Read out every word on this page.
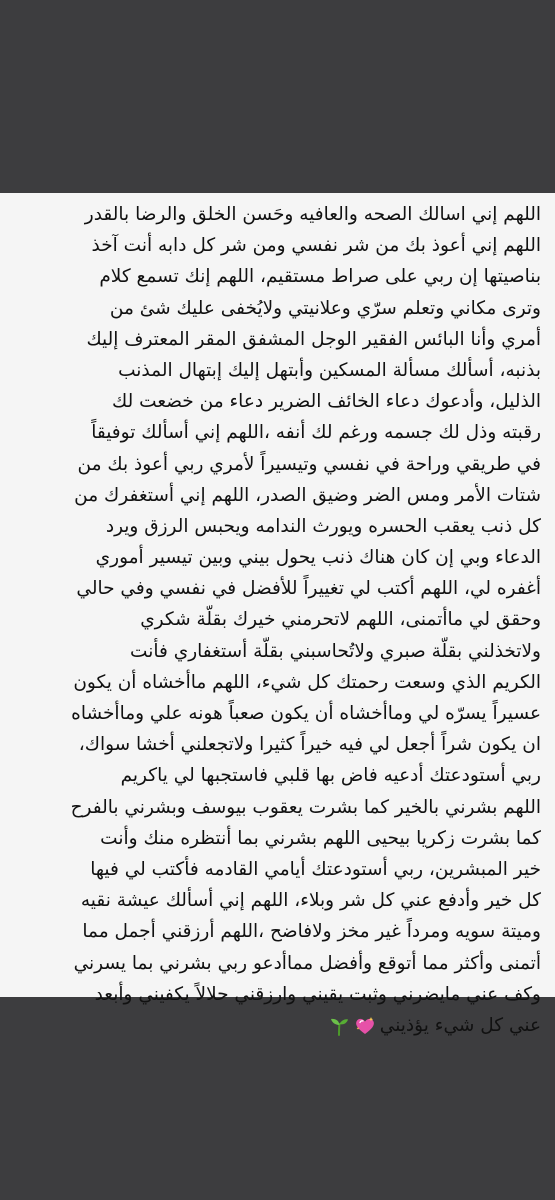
اللهم إني اسالك الصحه والعافيه وحَسن الخلق والرضا بالقدر
اللهم إني أعوذ بك من شر نفسي ومن شر كل دابه أنت آخذ
بناصيتها إن ربي على صراط مستقيم، اللهم إنك تسمع كلام
وترى مكاني وتعلم سرّي وعلانيتي ولايُخفى عليك شئ من
أمري وأنا البائس الفقير الوجل المشفق المقر المعترف إليك
بذنبه، أسألك مسألة المسكين وأبتهل إليك إبتهال المذنب
الذليل، وأدعوك دعاء الخائف الضرير دعاء من خضعت لك
رقبته وذل لك جسمه ورغم لك أنفه ،اللهم إني أسألك توفيقاً
في طريقي وراحة في نفسي وتيسيراً لأمري ربي أعوذ بك من
شتات الأمر ومس الضر وضيق الصدر، اللهم إني أستغفرك من
كل ذنب يعقب الحسره ويورث الندامه ويحبس الرزق ويرد
الدعاء وبي إن كان هناك ذنب يحول بيني وبين تيسير أموري
أغفره لي، اللهم أكتب لي تغييراً للأفضل في نفسي وفي حالي
وحقق لي ماأتمنى، اللهم لاتحرمني خيرك بقلّة شكري
ولاتخذلني بقلّة صبري ولاتُحاسبني بقلّة أستغفاري فأنت
الكريم الذي وسعت رحمتك كل شيء، اللهم ماأخشاه أن يكون
عسيراً يسرّه لي وماأخشاه أن يكون صعباً هونه علي وماأخشاه
ان يكون شراً أجعل لي فيه خيراً كثيرا ولاتجعلني أخشا سواك،
ربي أستودعتك أدعيه فاض بها قلبي فاستجبها لي ياكريم
اللهم بشرني بالخير كما بشرت يعقوب بيوسف وبشرني بالفرح
كما بشرت زكريا بيحيى اللهم بشرني بما أنتظره منك وأنت
خير المبشرين، ربي أستودعتك أيامي القادمه فأكتب لي فيها
كل خير وأدفع عني كل شر وبلاء، اللهم إني أسألك عيشة نقيه
وميتة سويه ومرداً غير مخز ولافاضح ،اللهم أرزقني أجمل مما
أتمنى وأكثر مما أتوقع وأفضل مماأدعو ربي بشرني بما يسرني
وكف عني مايضرني وثبت يقيني وارزقني حلالاً يكفيني وأبعد
عني كل شيء يؤذيني
